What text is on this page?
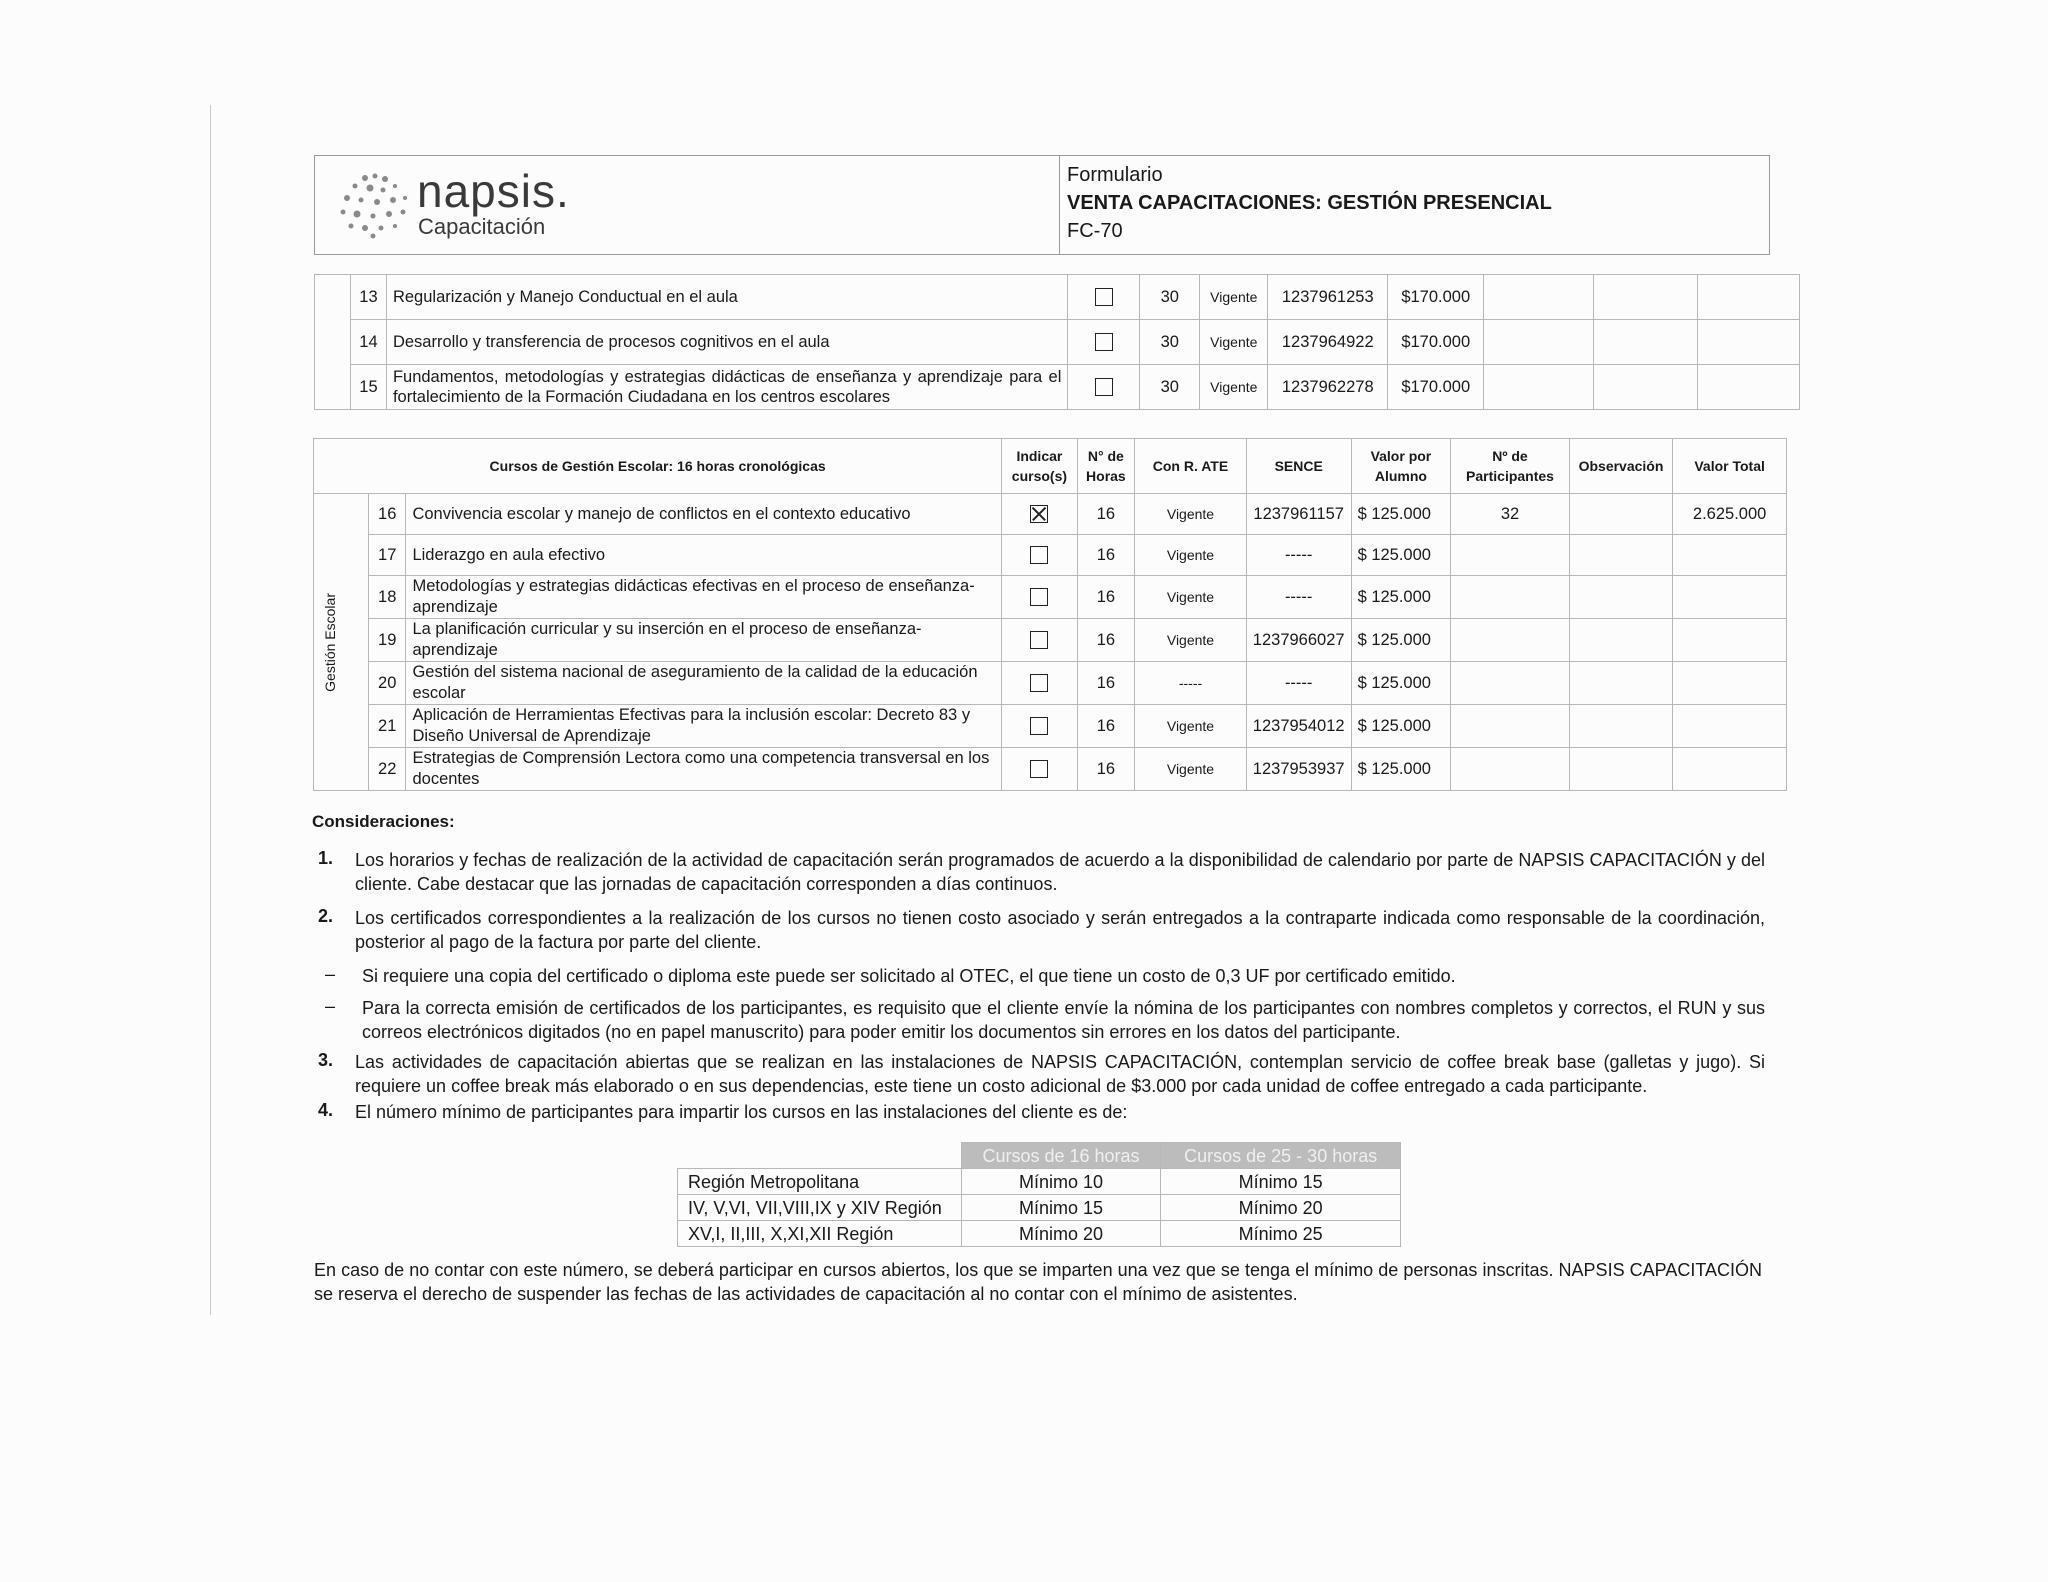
napsis.
Capacitación
Formulario
VENTA CAPACITACIONES: GESTIÓN PRESENCIAL
FC-70
	13	Regularización y Manejo Conductual en el aula		30	Vigente	1237961253	$170.000			
	14	Desarrollo y transferencia de procesos cognitivos en el aula		30	Vigente	1237964922	$170.000			
	15	Fundamentos, metodologías y estrategias didácticas de enseñanza y aprendizaje para el fortalecimiento de la Formación Ciudadana en los centros escolares		30	Vigente	1237962278	$170.000			
Cursos de Gestión Escolar: 16 horas cronológicas			Indicar curso(s)	N° de Horas	Con R. ATE	SENCE	Valor por Alumno	Nº de Participantes	Observación	Valor Total

Gestión Escolar	16	Convivencia escolar y manejo de conflictos en el contexto educativo		16	Vigente	1237961157	$ 125.000	32		2.625.000
	17	Liderazgo en aula efectivo		16	Vigente	-----	$ 125.000			
	18	Metodologías y estrategias didácticas efectivas en el proceso de enseñanza-aprendizaje		16	Vigente	-----	$ 125.000			
	19	La planificación curricular y su inserción en el proceso de enseñanza-aprendizaje		16	Vigente	1237966027	$ 125.000			
	20	Gestión del sistema nacional de aseguramiento de la calidad de la educación escolar		16	-----	-----	$ 125.000			
	21	Aplicación de Herramientas Efectivas para la inclusión escolar: Decreto 83 y Diseño Universal de Aprendizaje		16	Vigente	1237954012	$ 125.000			
	22	Estrategias de Comprensión Lectora como una competencia transversal en los docentes		16	Vigente	1237953937	$ 125.000			
Consideraciones:
1. Los horarios y fechas de realización de la actividad de capacitación serán programados de acuerdo a la disponibilidad de calendario por parte de NAPSIS CAPACITACIÓN y del cliente. Cabe destacar que las jornadas de capacitación corresponden a días continuos.
2. Los certificados correspondientes a la realización de los cursos no tienen costo asociado y serán entregados a la contraparte indicada como responsable de la coordinación, posterior al pago de la factura por parte del cliente.
– Si requiere una copia del certificado o diploma este puede ser solicitado al OTEC, el que tiene un costo de 0,3 UF por certificado emitido.
– Para la correcta emisión de certificados de los participantes, es requisito que el cliente envíe la nómina de los participantes con nombres completos y correctos, el RUN y sus correos electrónicos digitados (no en papel manuscrito) para poder emitir los documentos sin errores en los datos del participante.
3. Las actividades de capacitación abiertas que se realizan en las instalaciones de NAPSIS CAPACITACIÓN, contemplan servicio de coffee break base (galletas y jugo). Si requiere un coffee break más elaborado o en sus dependencias, este tiene un costo adicional de $3.000 por cada unidad de coffee entregado a cada participante.
4. El número mínimo de participantes para impartir los cursos en las instalaciones del cliente es de:
	Cursos de 16 horas	Cursos de 25 - 30 horas
Región Metropolitana	Mínimo 10	Mínimo 15
IV, V,VI, VII,VIII,IX y XIV Región	Mínimo 15	Mínimo 20
XV,I, II,III, X,XI,XII Región	Mínimo 20	Mínimo 25
En caso de no contar con este número, se deberá participar en cursos abiertos, los que se imparten una vez que se tenga el mínimo de personas inscritas. NAPSIS CAPACITACIÓN se reserva el derecho de suspender las fechas de las actividades de capacitación al no contar con el mínimo de asistentes.
